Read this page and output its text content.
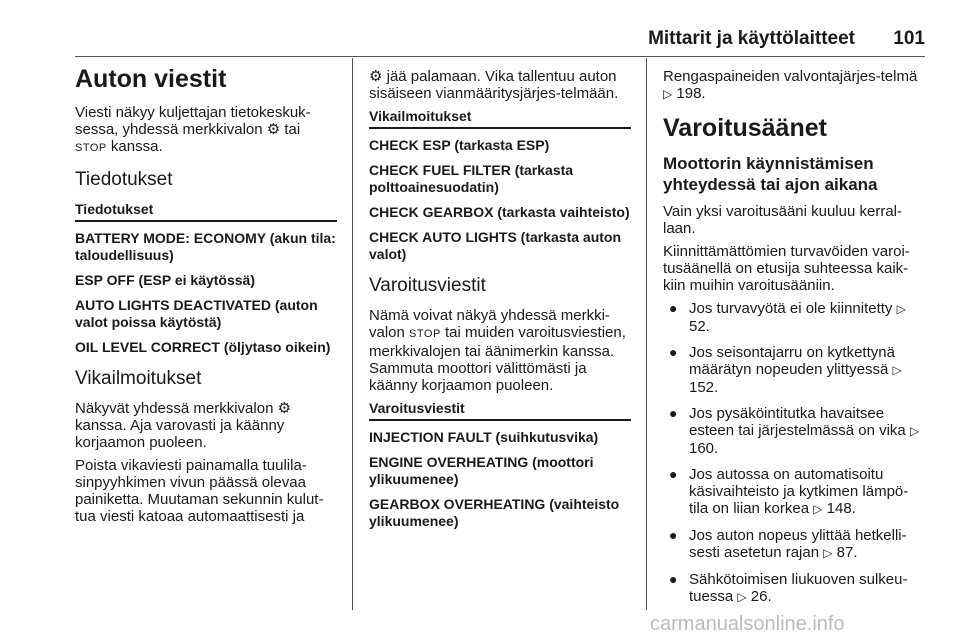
Mittarit ja käyttölaitteet 101
Auton viestit

Viesti näkyy kuljettajan tietokeskuk-sessa, yhdessä merkkivalon ⚙ tai
STOP kanssa.

Tiedotukset
Tiedotukset

BATTERY MODE: ECONOMY (akun tila: taloudellisuus)

ESP OFF (ESP ei käytössä)

AUTO LIGHTS DEACTIVATED (auton valot poissa käytöstä)

OIL LEVEL CORRECT (öljytaso oikein)

Vikailmoitukset

Näkyvät yhdessä merkkivalon ⚙ kanssa. Aja varovasti ja käänny korjaamon puoleen.

Poista vikaviesti painamalla tuulila-sinpyyhkimen vivun päässä olevaa painiketta. Muutaman sekunnin kulut-tua viesti katoaa automaattisesti ja

⚙ jää palamaan. Vika tallentuu auton sisäiseen vianmääritysjärjes-telmään.

Vikailmoitukset

CHECK ESP (tarkasta ESP)

CHECK FUEL FILTER (tarkasta polttoainesuodatin)

CHECK GEARBOX (tarkasta vaihteisto)

CHECK AUTO LIGHTS (tarkasta auton valot)

Varoitusviestit

Nämä voivat näkyä yhdessä merkki-valon STOP tai muiden varoitusviestien, merkkivalojen tai äänimerkin kanssa. Sammuta moottori välittömästi ja käänny korjaamon puoleen.

Varoitusviestit

INJECTION FAULT (suihkutusvika)

ENGINE OVERHEATING (moottori ylikuumenee)

GEARBOX OVERHEATING (vaihteisto ylikuumenee)

Rengaspaineiden valvontajärjes-telmä ▷ 198.

Varoitusäänet
Moottorin käynnistämisen yhteydessä tai ajon aikana

Vain yksi varoitusääni kuuluu kerral-laan.

Kiinnittämättömien turvavöiden varoi-tusäänellä on etusija suhteessa kaik-kiin muihin varoitusääniin.

● Jos turvavyötä ei ole kiinnitetty ▷ 52.
● Jos seisontajarru on kytkettynä määrätyn nopeuden ylittyessä ▷ 152.
● Jos pysäköintitutka havaitsee esteen tai järjestelmässä on vika ▷ 160.
● Jos autossa on automatisoitu käsivaihteisto ja kytkimen lämpö-tila on liian korkea ▷ 148.
● Jos auton nopeus ylittää hetkelli-sesti asetetun rajan ▷ 87.
● Sähkötoimisen liukuoven sulkeu-tuessa ▷ 26.
carmanualsonline.info
